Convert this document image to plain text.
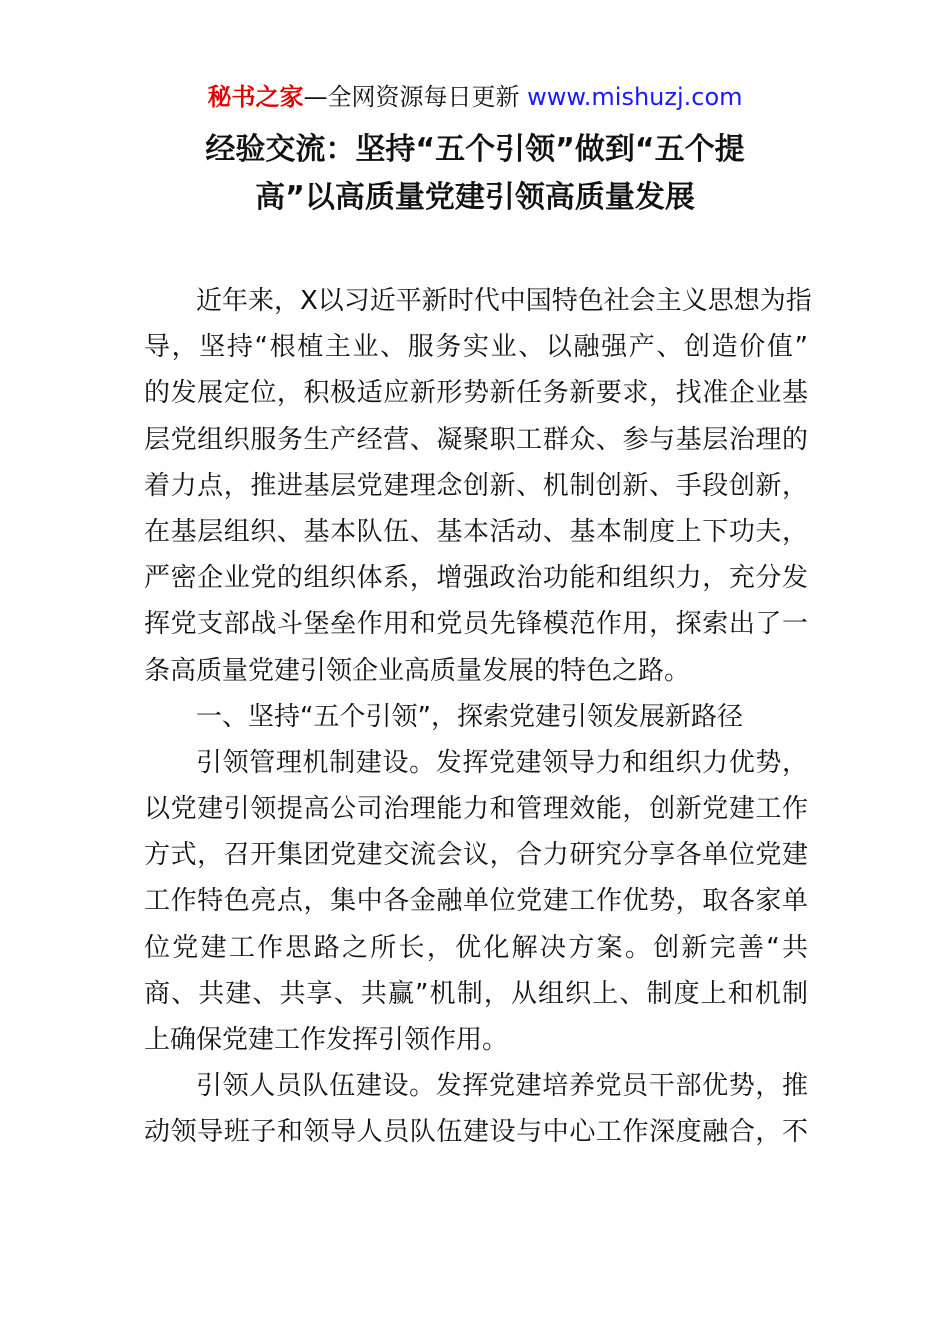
秘书之家—全网资源每日更新 www.mishuzj.com
经验交流：坚持“五个引领”做到“五个提
高”以高质量党建引领高质量发展
近年来，X以习近平新时代中国特色社会主义思想为指
导，坚持“根植主业、服务实业、以融强产、创造价值”
的发展定位，积极适应新形势新任务新要求，找准企业基
层党组织服务生产经营、凝聚职工群众、参与基层治理的
着力点，推进基层党建理念创新、机制创新、手段创新，
在基层组织、基本队伍、基本活动、基本制度上下功夫，
严密企业党的组织体系，增强政治功能和组织力，充分发
挥党支部战斗堡垒作用和党员先锋模范作用，探索出了一
条高质量党建引领企业高质量发展的特色之路。
一、坚持“五个引领”，探索党建引领发展新路径
引领管理机制建设。发挥党建领导力和组织力优势，
以党建引领提高公司治理能力和管理效能，创新党建工作
方式，召开集团党建交流会议，合力研究分享各单位党建
工作特色亮点，集中各金融单位党建工作优势，取各家单
位党建工作思路之所长，优化解决方案。创新完善“共
商、共建、共享、共赢”机制，从组织上、制度上和机制
上确保党建工作发挥引领作用。
引领人员队伍建设。发挥党建培养党员干部优势，推
动领导班子和领导人员队伍建设与中心工作深度融合，不
